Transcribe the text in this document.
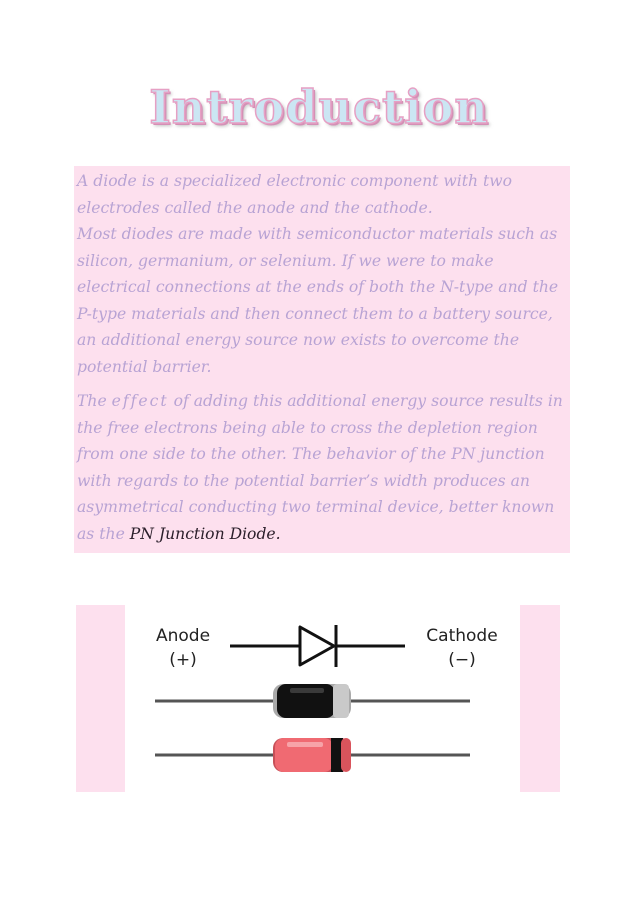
Introduction

A diode is a specialized electronic component with two electrodes called the anode and the cathode.
Most diodes are made with semiconductor materials such as silicon, germanium, or selenium. If we were to make electrical connections at the ends of both the N-type and the P-type materials and then connect them to a battery source, an additional energy source now exists to overcome the potential barrier.

The effect of adding this additional energy source results in the free electrons being able to cross the depletion region from one side to the other. The behavior of the PN junction with regards to the potential barrier’s width produces an asymmetrical conducting two terminal device, better known as the PN Junction Diode.

Anode
(+)
Cathode
(−)
